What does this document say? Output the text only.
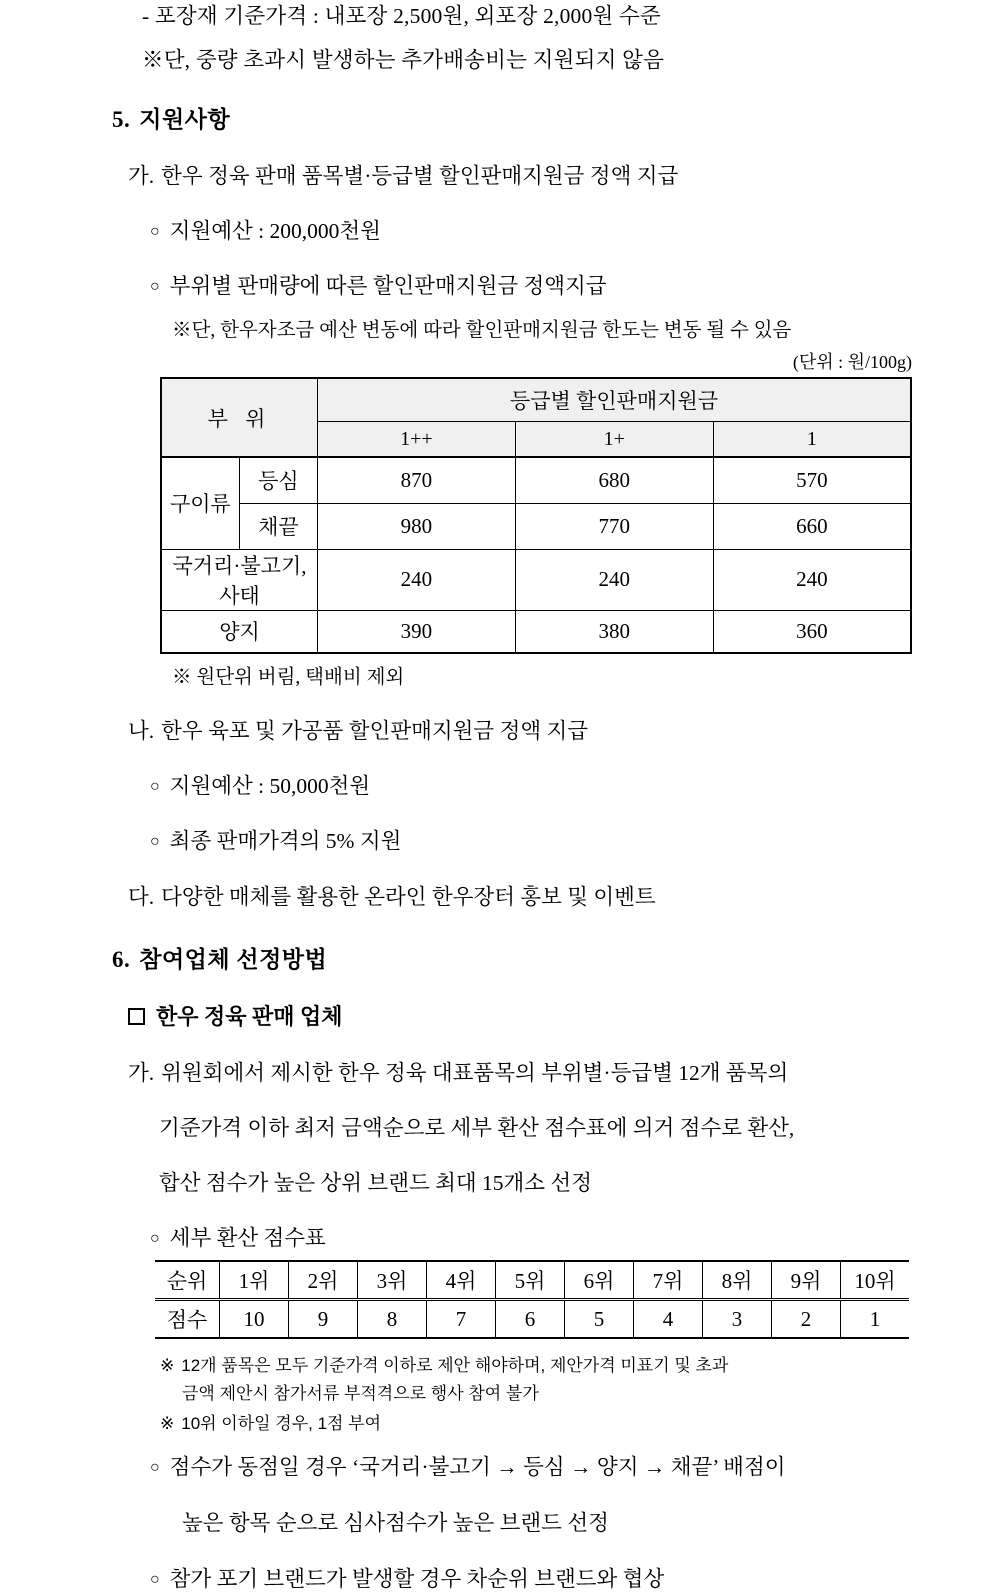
- 포장재 기준가격 : 내포장 2,500원, 외포장 2,000원 수준
※단, 중량 초과시 발생하는 추가배송비는 지원되지 않음
5. 지원사항
가. 한우 정육 판매 품목별·등급별 할인판매지원금 정액 지급
○ 지원예산 : 200,000천원
○ 부위별 판매량에 따른 할인판매지원금 정액지급
※단, 한우자조금 예산 변동에 따라 할인판매지원금 한도는 변동 될 수 있음
(단위 : 원/100g)
부 위		등급별 할인판매지원금		
		1++	1+	1
구이류	등심	870	680	570
	채끝	980	770	660
국거리·불고기, 사태		240	240	240
양지		390	380	360
※ 원단위 버림, 택배비 제외
나. 한우 육포 및 가공품 할인판매지원금 정액 지급
○ 지원예산 : 50,000천원
○ 최종 판매가격의 5% 지원
다. 다양한 매체를 활용한 온라인 한우장터 홍보 및 이벤트
6. 참여업체 선정방법
한우 정육 판매 업체
가. 위원회에서 제시한 한우 정육 대표품목의 부위별·등급별 12개 품목의
기준가격 이하 최저 금액순으로 세부 환산 점수표에 의거 점수로 환산,
합산 점수가 높은 상위 브랜드 최대 15개소 선정
○ 세부 환산 점수표
순위	1위	2위	3위	4위	5위	6위	7위	8위	9위	10위
점수	10	9	8	7	6	5	4	3	2	1
※ 12개 품목은 모두 기준가격 이하로 제안 해야하며, 제안가격 미표기 및 초과
금액 제안시 참가서류 부적격으로 행사 참여 불가
※ 10위 이하일 경우, 1점 부여
○ 점수가 동점일 경우 ‘국거리·불고기 → 등심 → 양지 → 채끝’ 배점이
높은 항목 순으로 심사점수가 높은 브랜드 선정
○ 참가 포기 브랜드가 발생할 경우 차순위 브랜드와 협상
